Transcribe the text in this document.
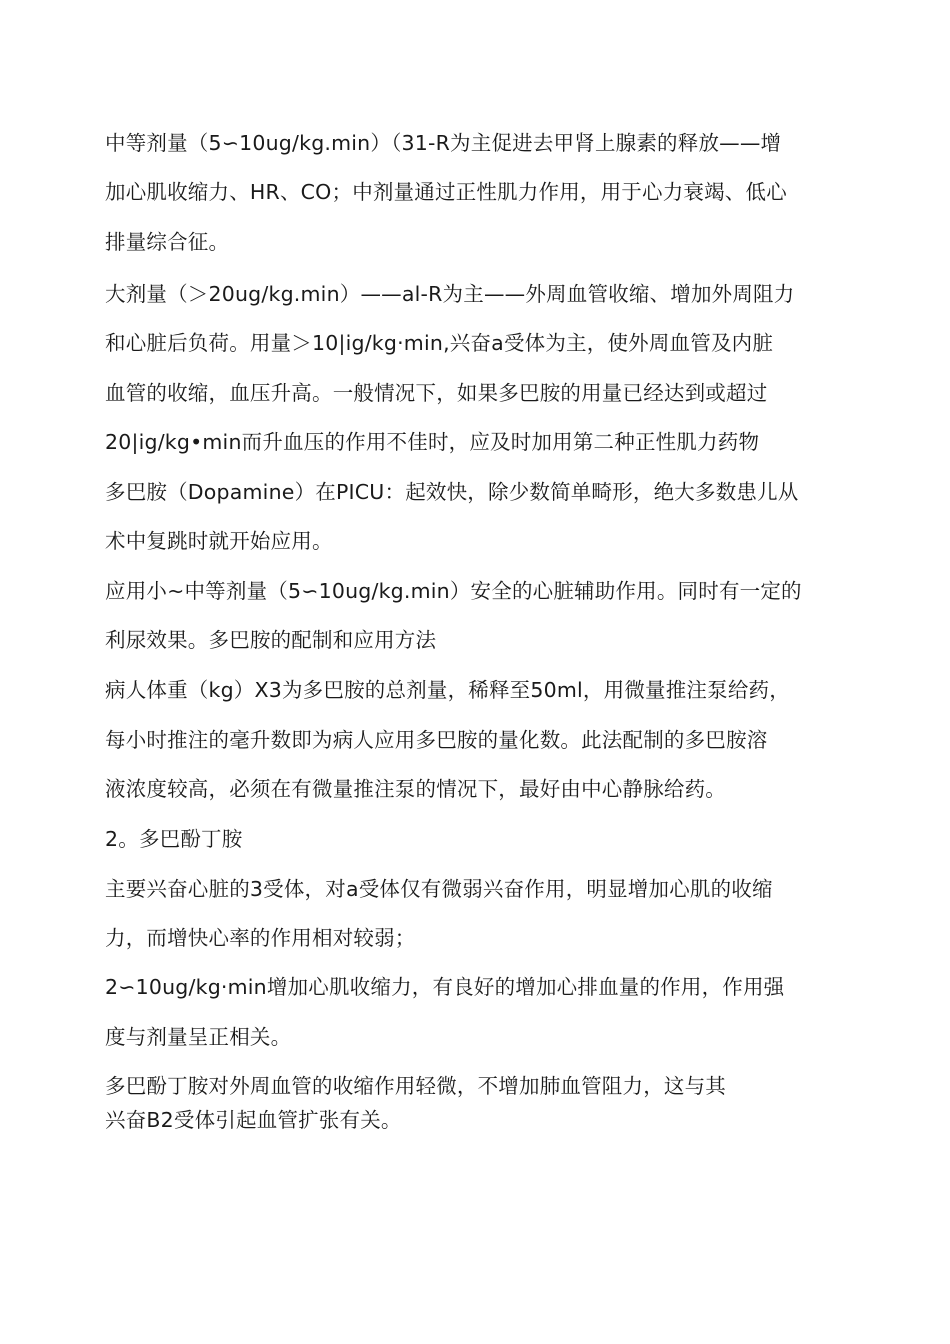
中等剂量（5∽10ug/kg.min）（31-R为主促进去甲肾上腺素的释放——增
加心肌收缩力、HR、CO；中剂量通过正性肌力作用，用于心力衰竭、低心
排量综合征。
大剂量（＞20ug/kg.min）——al-R为主——外周血管收缩、增加外周阻力
和心脏后负荷。用量＞10|ig/kg·min,兴奋a受体为主，使外周血管及内脏
血管的收缩，血压升高。一般情况下，如果多巴胺的用量已经达到或超过
20|ig/kg•min而升血压的作用不佳时，应及时加用第二种正性肌力药物
多巴胺（Dopamine）在PICU：起效快，除少数简单畸形，绝大多数患儿从
术中复跳时就开始应用。
应用小~中等剂量（5∽10ug/kg.min）安全的心脏辅助作用。同时有一定的
利尿效果。多巴胺的配制和应用方法
病人体重（kg）X3为多巴胺的总剂量，稀释至50ml，用微量推注泵给药，
每小时推注的毫升数即为病人应用多巴胺的量化数。此法配制的多巴胺溶
液浓度较高，必须在有微量推注泵的情况下，最好由中心静脉给药。
2。多巴酚丁胺
主要兴奋心脏的3受体，对a受体仅有微弱兴奋作用，明显增加心肌的收缩
力，而增快心率的作用相对较弱；
2∽10ug/kg·min增加心肌收缩力，有良好的增加心排血量的作用，作用强
度与剂量呈正相关。
多巴酚丁胺对外周血管的收缩作用轻微，不增加肺血管阻力，这与其
兴奋B2受体引起血管扩张有关。
